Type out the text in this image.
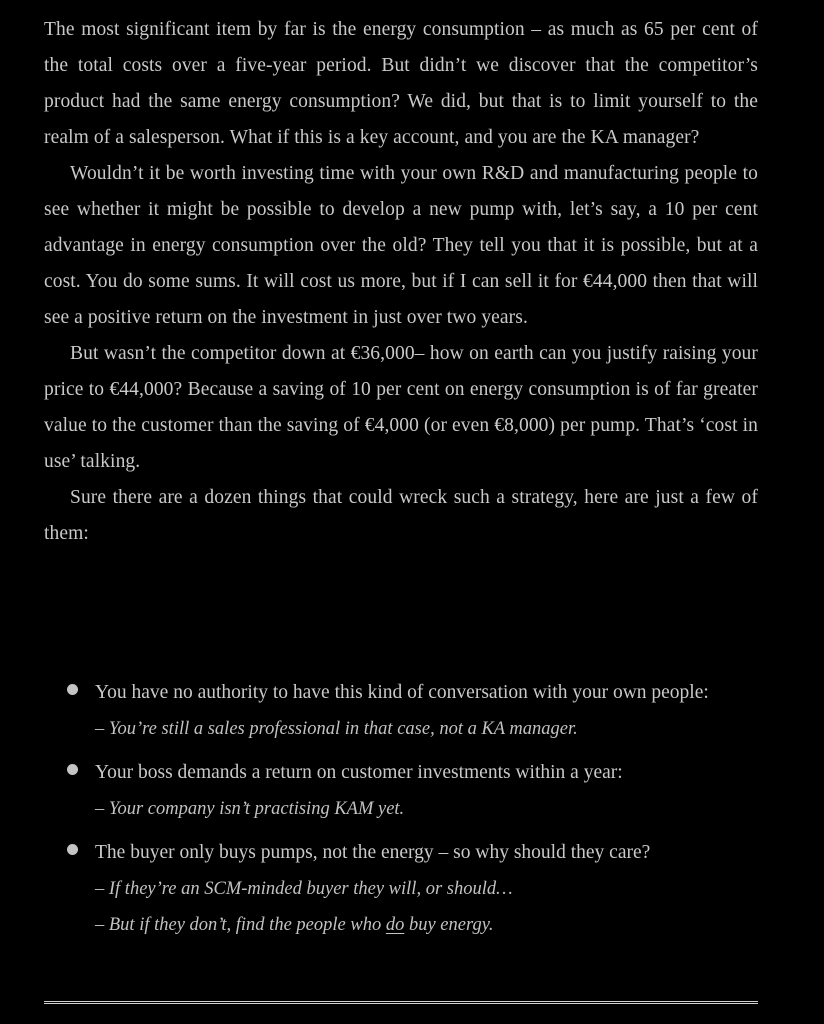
The most significant item by far is the energy consumption – as much as 65 per cent of the total costs over a five-year period. But didn’t we discover that the competitor’s product had the same energy consumption? We did, but that is to limit yourself to the realm of a salesperson. What if this is a key account, and you are the KA manager?

Wouldn’t it be worth investing time with your own R&D and manufacturing people to see whether it might be possible to develop a new pump with, let’s say, a 10 per cent advantage in energy consumption over the old? They tell you that it is possible, but at a cost. You do some sums. It will cost us more, but if I can sell it for €44,000 then that will see a positive return on the investment in just over two years.

But wasn’t the competitor down at €36,000– how on earth can you justify raising your price to €44,000? Because a saving of 10 per cent on energy consumption is of far greater value to the customer than the saving of €4,000 (or even €8,000) per pump. That’s ‘cost in use’ talking.

Sure there are a dozen things that could wreck such a strategy, here are just a few of them:

You have no authority to have this kind of conversation with your own people:
– You’re still a sales professional in that case, not a KA manager.
Your boss demands a return on customer investments within a year:
– Your company isn’t practising KAM yet.
The buyer only buys pumps, not the energy – so why should they care?
– If they’re an SCM-minded buyer they will, or should…
– But if they don’t, find the people who do buy energy.
